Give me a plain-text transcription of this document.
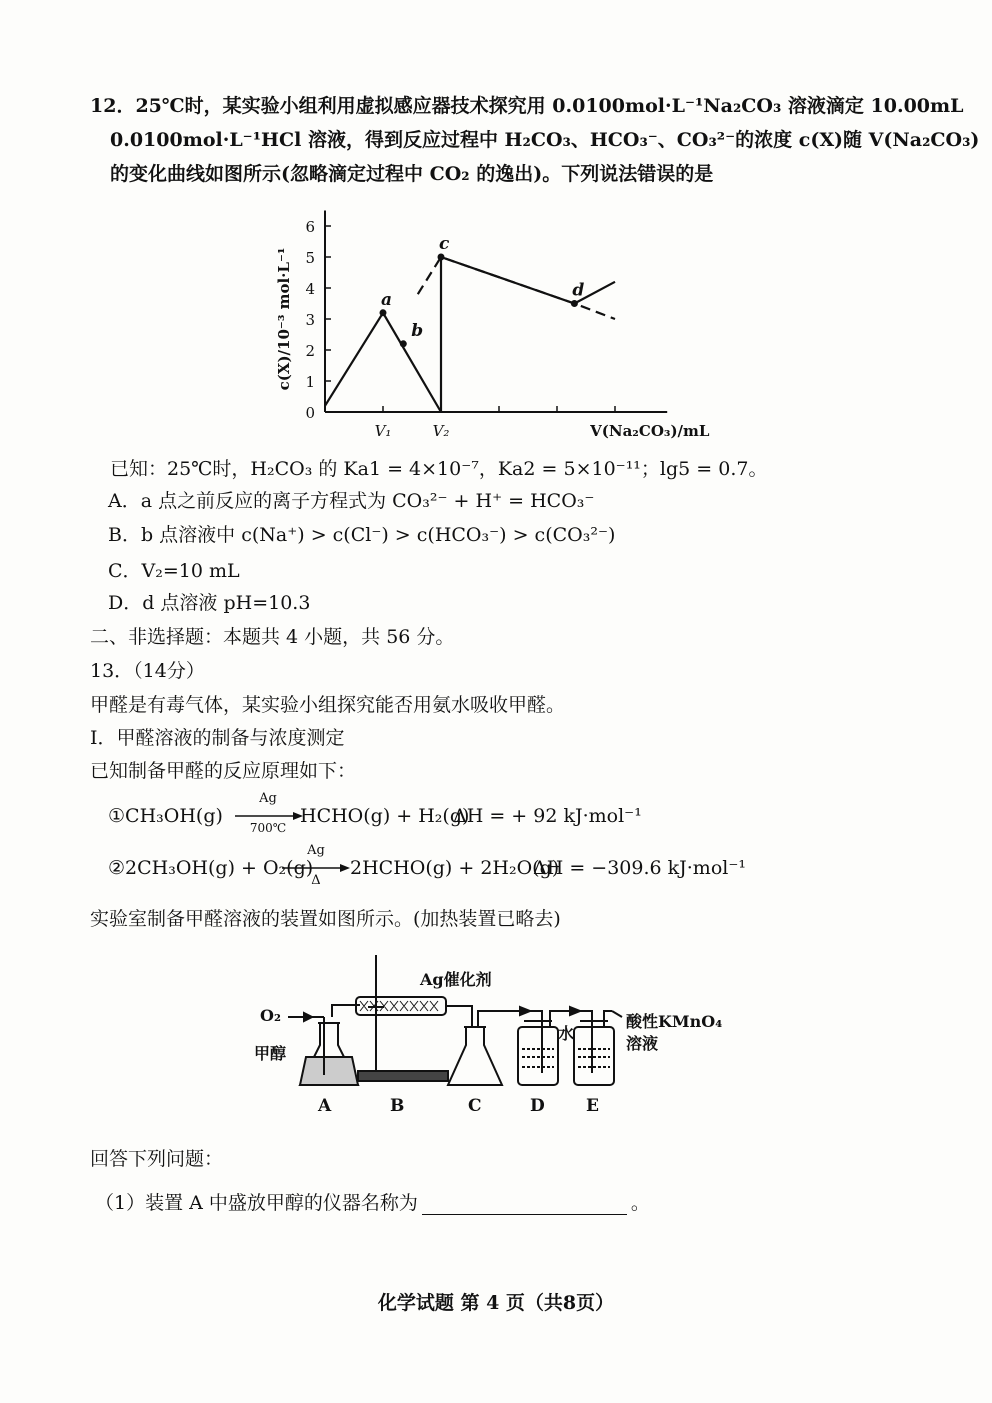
12．25℃时，某实验小组利用虚拟感应器技术探究用 0.0100mol·L⁻¹Na₂CO₃ 溶液滴定 10.00mL
0.0100mol·L⁻¹HCl 溶液，得到反应过程中 H₂CO₃、HCO₃⁻、CO₃²⁻的浓度 c(X)随 V(Na₂CO₃)
的变化曲线如图所示(忽略滴定过程中 CO₂ 的逸出)。下列说法错误的是
0
1
2
3
4
5
6
V₁	V₂	V(Na₂CO₃)/mL
c(X)/10⁻³ mol·L⁻¹	a
b
c
d
已知：25℃时，H₂CO₃ 的 Ka1 = 4×10⁻⁷，Ka2 = 5×10⁻¹¹；lg5 = 0.7。
A．a 点之前反应的离子方程式为 CO₃²⁻ + H⁺ = HCO₃⁻
B．b 点溶液中 c(Na⁺) > c(Cl⁻) > c(HCO₃⁻) > c(CO₃²⁻)
C．V₂=10 mL
D．d 点溶液 pH=10.3
二、非选择题：本题共 4 小题，共 56 分。
13．（14分）
甲醛是有毒气体，某实验小组探究能否用氨水吸收甲醛。
I．甲醛溶液的制备与浓度测定
已知制备甲醛的反应原理如下：
①CH₃OH(g)
Ag
700℃
HCHO(g) + H₂(g)
ΔH = + 92 kJ·mol⁻¹
②2CH₃OH(g) + O₂(g)
Ag
Δ
2HCHO(g) + 2H₂O(g)
ΔH = −309.6 kJ·mol⁻¹
实验室制备甲醛溶液的装置如图所示。(加热装置已略去)
O₂
Ag催化剂
甲醇
水
酸性KMnO₄
溶液
A	B	C	D E
回答下列问题：
（1）装置 A 中盛放甲醇的仪器名称为	。
化学试题 第 4 页（共8页）
